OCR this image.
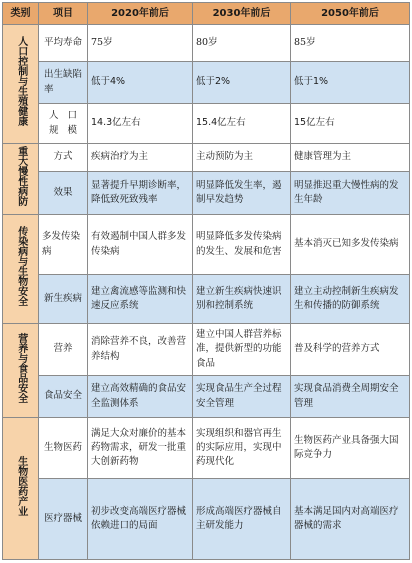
类别	项目	2020年前后	2030年前后	2050年前后
人口控制与生殖健康	平均寿命	75岁	80岁	85岁
	出生缺陷率	低于4%	低于2%	低于1%
	人口规模	14.3亿左右	15.4亿左右	15亿左右
重大慢性病防	方式	疾病治疗为主	主动预防为主	健康管理为主
	效果	显著提升早期诊断率，降低致死致残率	明显降低发生率，遏制早发趋势	明显推迟重大慢性病的发生年龄
传染病与生物安全	多发传染病	有效遏制中国人群多发传染病	明显降低多发传染病的发生、发展和危害	基本消灭已知多发传染病
	新生疾病	建立禽流感等监测和快速反应系统	建立新生疾病快速识别和控制系统	建立主动控制新生疾病发生和传播的防御系统
营养与食品安全	营养	消除营养不良，改善营养结构	建立中国人群营养标准，提供新型的功能食品	普及科学的营养方式
	食品安全	建立高效精确的食品安全监测体系	实现食品生产全过程安全管理	实现食品消费全周期安全管理
生物医药产业	生物医药	满足大众对廉价的基本药物需求，研发一批重大创新药物	实现组织和器官再生的实际应用，实现中药现代化	生物医药产业具备强大国际竞争力
	医疗器械	初步改变高端医疗器械依赖进口的局面	形成高端医疗器械自主研发能力	基本满足国内对高端医疗器械的需求
